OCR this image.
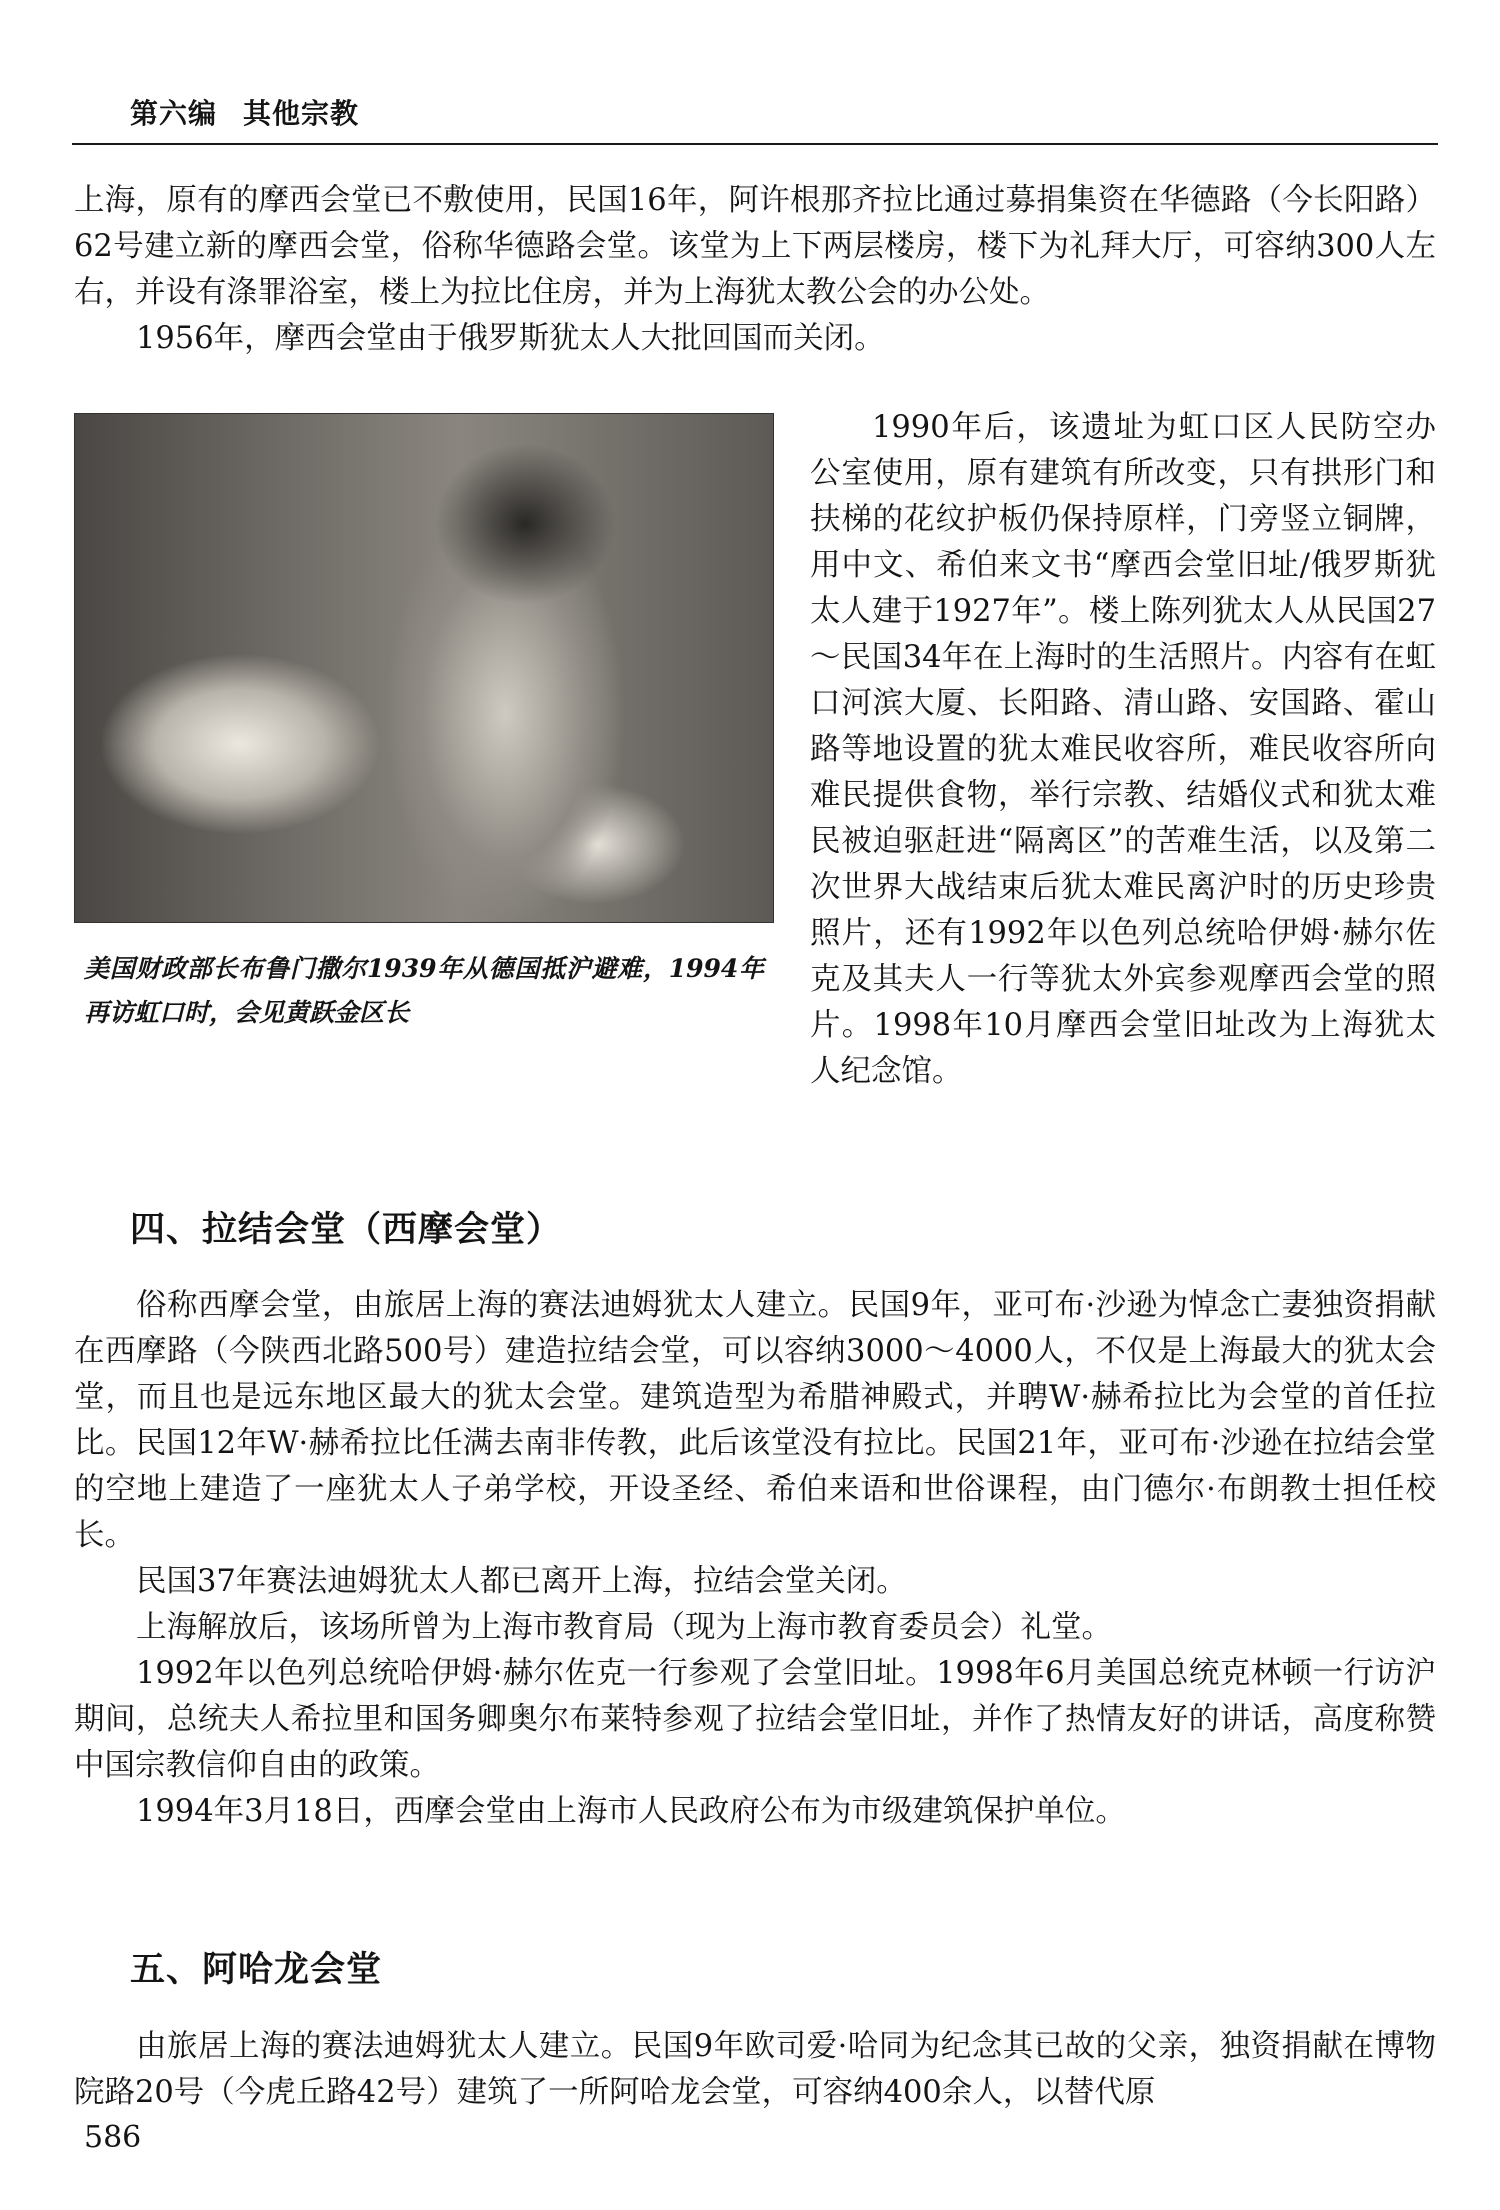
第六编 其他宗教

上海，原有的摩西会堂已不敷使用，民国16年，阿许根那齐拉比通过募捐集资在华德路（今长阳路）62号建立新的摩西会堂，俗称华德路会堂。该堂为上下两层楼房，楼下为礼拜大厅，可容纳300人左右，并设有涤罪浴室，楼上为拉比住房，并为上海犹太教公会的办公处。

1956年，摩西会堂由于俄罗斯犹太人大批回国而关闭。

美国财政部长布鲁门撒尔1939年从德国抵沪避难，1994年再访虹口时，会见黄跃金区长

1990年后，该遗址为虹口区人民防空办公室使用，原有建筑有所改变，只有拱形门和扶梯的花纹护板仍保持原样，门旁竖立铜牌，用中文、希伯来文书“摩西会堂旧址/俄罗斯犹太人建于1927年”。楼上陈列犹太人从民国27～民国34年在上海时的生活照片。内容有在虹口河滨大厦、长阳路、清山路、安国路、霍山路等地设置的犹太难民收容所，难民收容所向难民提供食物，举行宗教、结婚仪式和犹太难民被迫驱赶进“隔离区”的苦难生活，以及第二次世界大战结束后犹太难民离沪时的历史珍贵照片，还有1992年以色列总统哈伊姆·赫尔佐克及其夫人一行等犹太外宾参观摩西会堂的照片。1998年10月摩西会堂旧址改为上海犹太人纪念馆。

四、拉结会堂（西摩会堂）

俗称西摩会堂，由旅居上海的赛法迪姆犹太人建立。民国9年，亚可布·沙逊为悼念亡妻独资捐献在西摩路（今陕西北路500号）建造拉结会堂，可以容纳3000～4000人，不仅是上海最大的犹太会堂，而且也是远东地区最大的犹太会堂。建筑造型为希腊神殿式，并聘W·赫希拉比为会堂的首任拉比。民国12年W·赫希拉比任满去南非传教，此后该堂没有拉比。民国21年，亚可布·沙逊在拉结会堂的空地上建造了一座犹太人子弟学校，开设圣经、希伯来语和世俗课程，由门德尔·布朗教士担任校长。

民国37年赛法迪姆犹太人都已离开上海，拉结会堂关闭。

上海解放后，该场所曾为上海市教育局（现为上海市教育委员会）礼堂。

1992年以色列总统哈伊姆·赫尔佐克一行参观了会堂旧址。1998年6月美国总统克林顿一行访沪期间，总统夫人希拉里和国务卿奥尔布莱特参观了拉结会堂旧址，并作了热情友好的讲话，高度称赞中国宗教信仰自由的政策。

1994年3月18日，西摩会堂由上海市人民政府公布为市级建筑保护单位。

五、阿哈龙会堂

由旅居上海的赛法迪姆犹太人建立。民国9年欧司爱·哈同为纪念其已故的父亲，独资捐献在博物院路20号（今虎丘路42号）建筑了一所阿哈龙会堂，可容纳400余人，以替代原

586
